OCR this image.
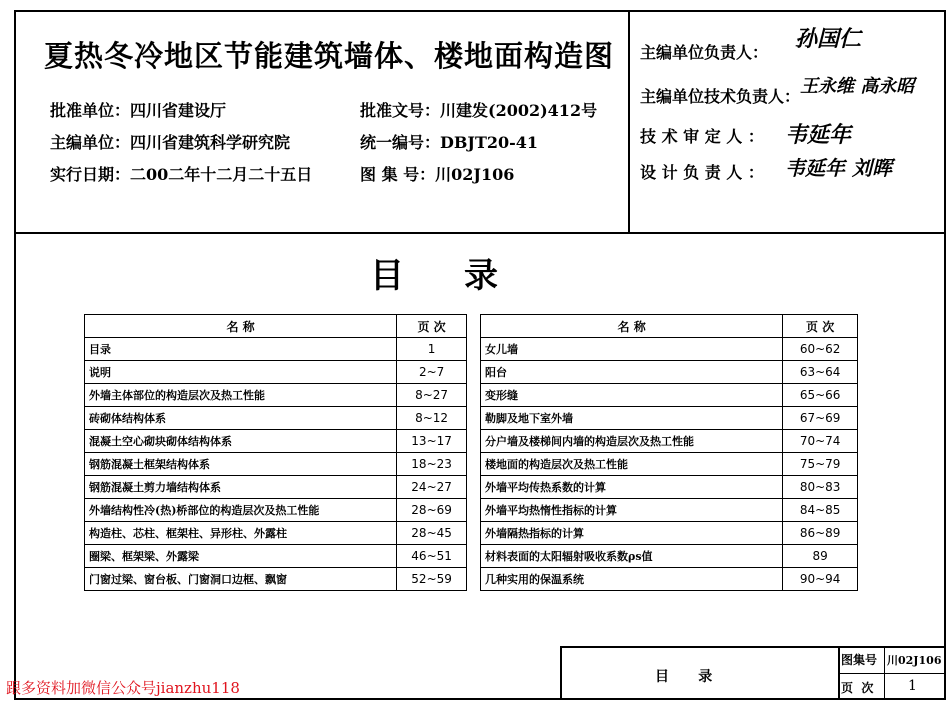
夏热冬冷地区节能建筑墙体、楼地面构造图
批准单位：四川省建设厅	批准文号：川建发(2002)412号
主编单位：四川省建筑科学研究院	统一编号：DBJT20-41
实行日期：二00二年十二月二十五日	图 集 号：川02J106
主编单位负责人：
孙国仁
主编单位技术负责人： 王永维 高永昭
技 术 审 定 人 ： 韦延年
设 计 负 责 人 ： 韦延年 刘晖
目录
名 称	页 次
目录	1
说明	2~7
外墙主体部位的构造层次及热工性能	8~27
砖砌体结构体系	8~12
混凝土空心砌块砌体结构体系	13~17
钢筋混凝土框架结构体系	18~23
钢筋混凝土剪力墙结构体系	24~27
外墙结构性冷(热)桥部位的构造层次及热工性能	28~69
构造柱、芯柱、框架柱、异形柱、外露柱	28~45
圈梁、框架梁、外露梁	46~51
门窗过梁、窗台板、门窗洞口边框、飘窗	52~59
名 称	页 次
女儿墙	60~62
阳台	63~64
变形缝	65~66
勒脚及地下室外墙	67~69
分户墙及楼梯间内墙的构造层次及热工性能	70~74
楼地面的构造层次及热工性能	75~79
外墙平均传热系数的计算	80~83
外墙平均热惰性指标的计算	84~85
外墙隔热指标的计算	86~89
材料表面的太阳辐射吸收系数ρs值	89
几种实用的保温系统	90~94
目      录
图集号 川02J106
页  次 1
跟多资料加微信公众号jianzhu118
